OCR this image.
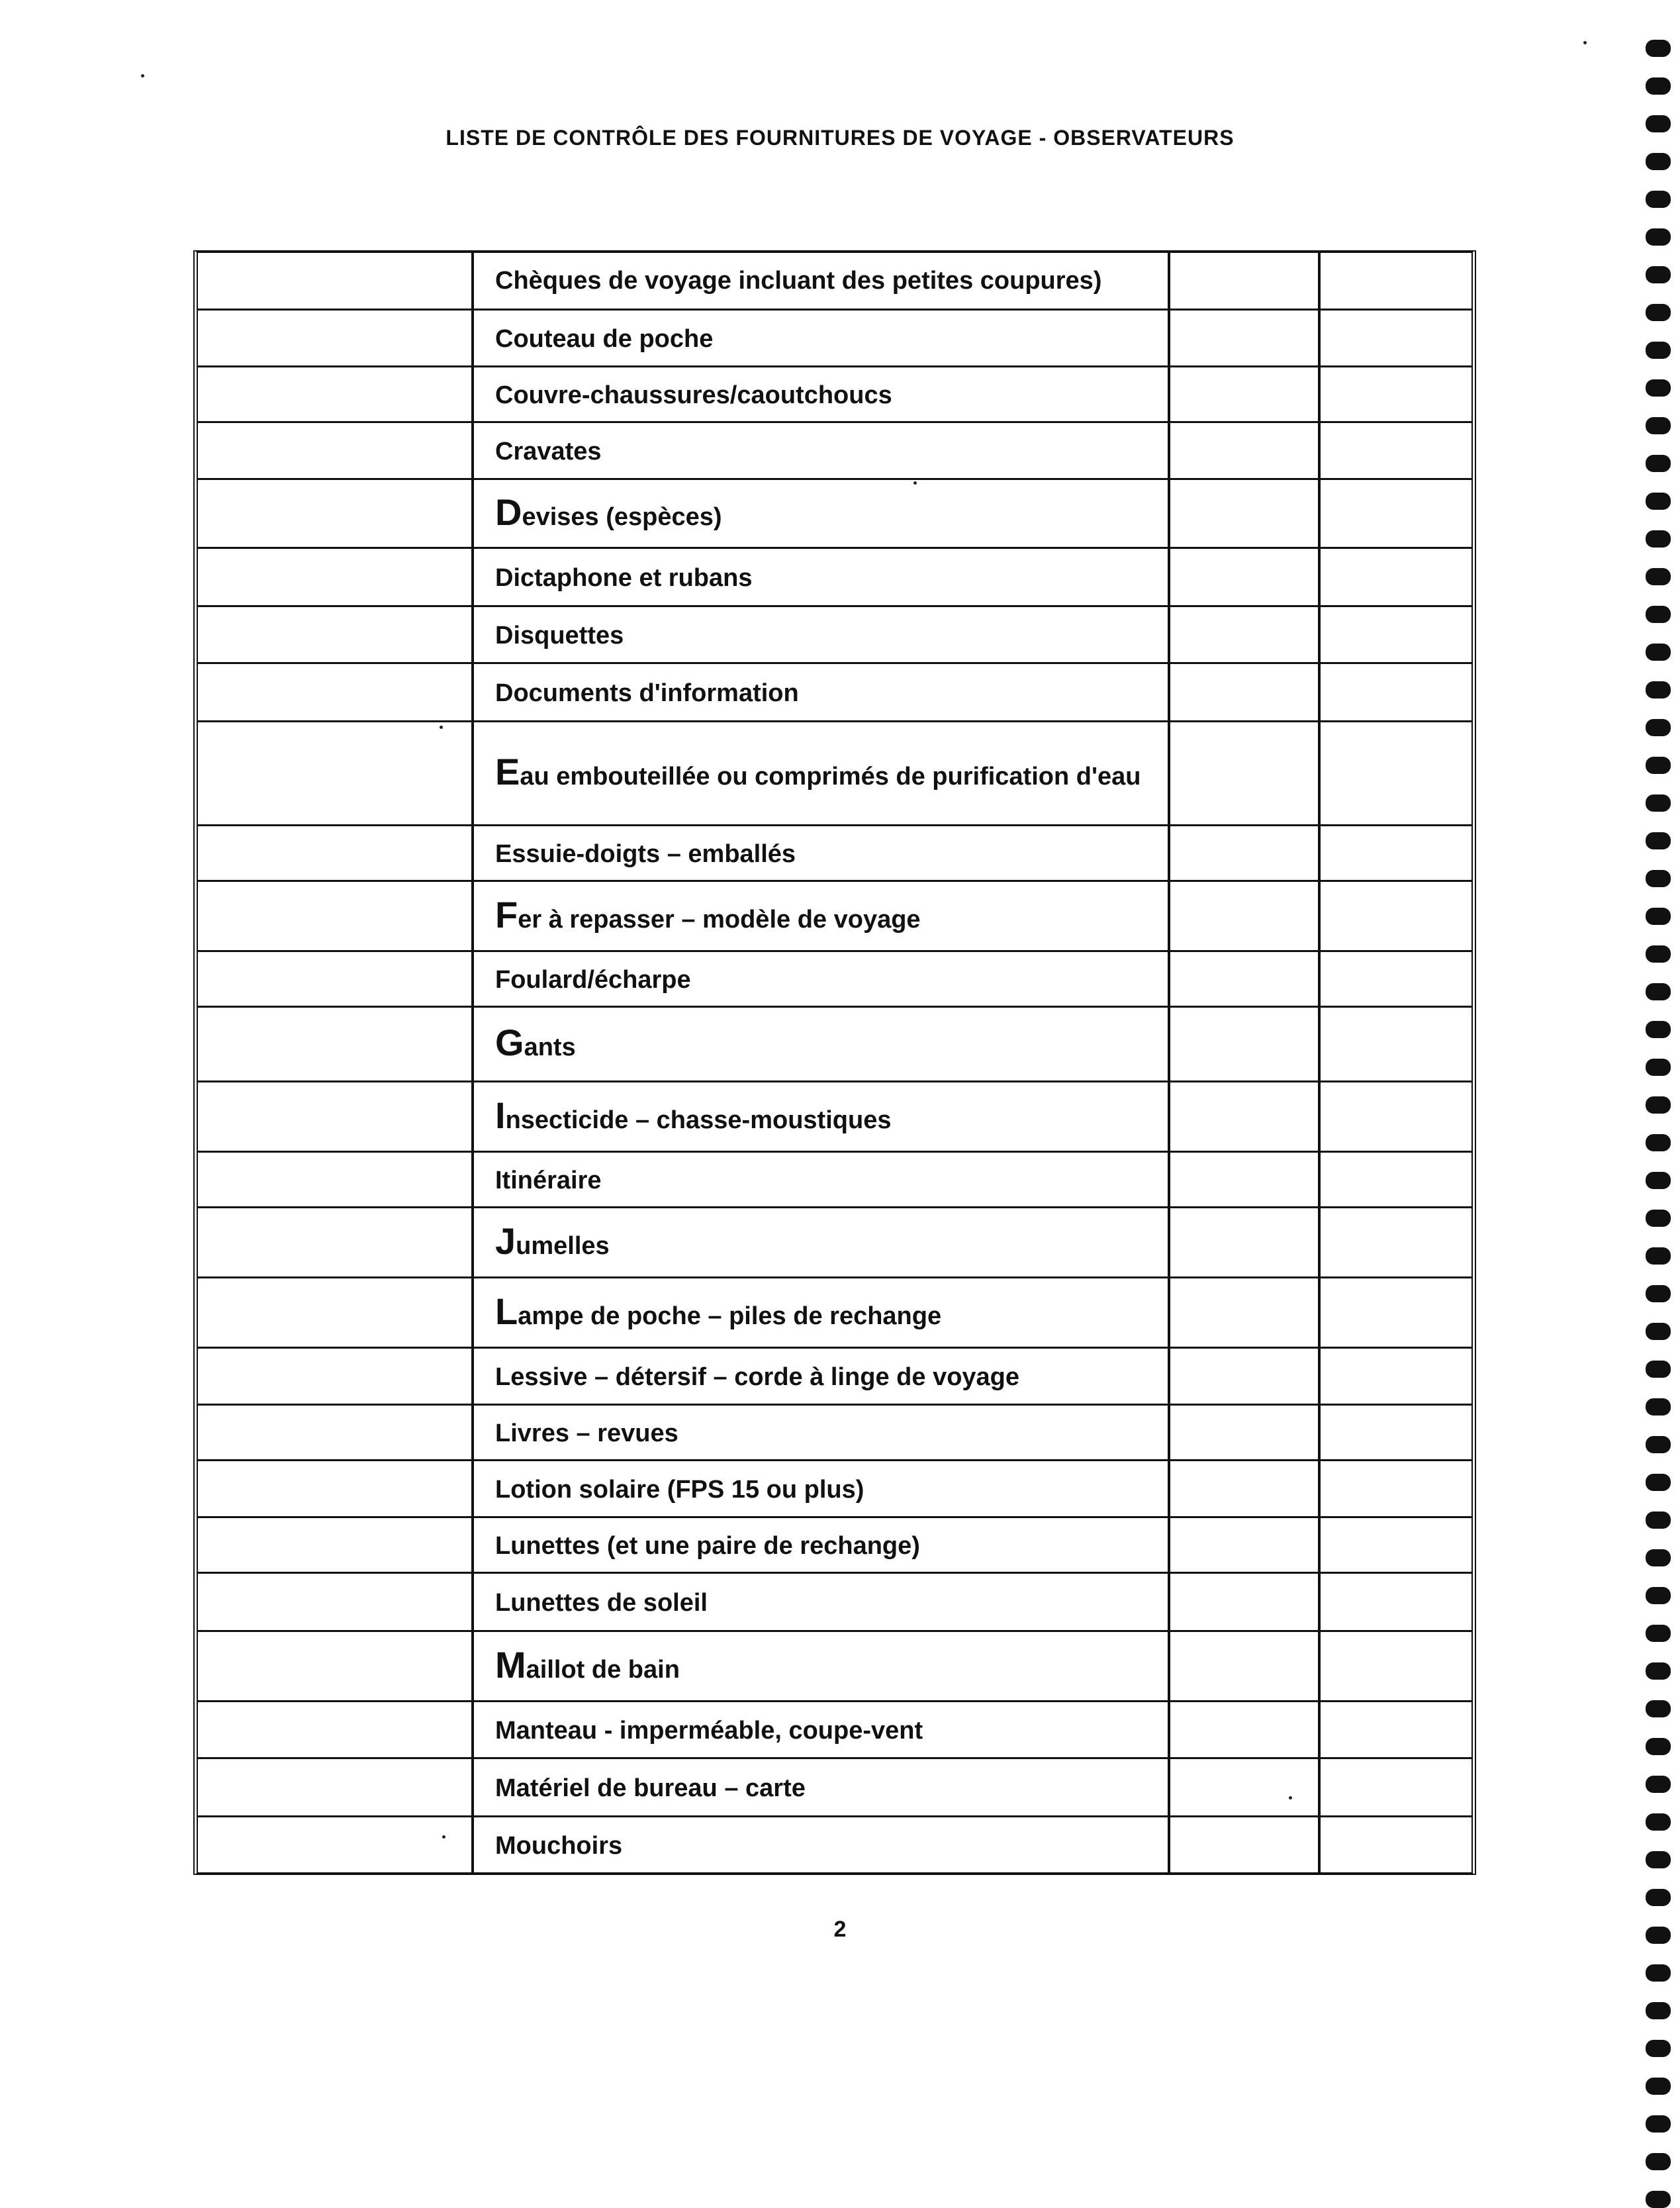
LISTE DE CONTRÔLE DES FOURNITURES DE VOYAGE - OBSERVATEURS
Chèques de voyage incluant des petites coupures)
Couteau de poche
Couvre-chaussures/caoutchoucs
Cravates
Devises (espèces)
Dictaphone et rubans
Disquettes
Documents d'information
Eau embouteillée ou comprimés de purification d'eau
Essuie-doigts – emballés
Fer à repasser – modèle de voyage
Foulard/écharpe
Gants
Insecticide – chasse-moustiques
Itinéraire
Jumelles
Lampe de poche – piles de rechange
Lessive – détersif – corde à linge de voyage
Livres – revues
Lotion solaire (FPS 15 ou plus)
Lunettes (et une paire de rechange)
Lunettes de soleil
Maillot de bain
Manteau - imperméable, coupe-vent
Matériel de bureau – carte
Mouchoirs
2
